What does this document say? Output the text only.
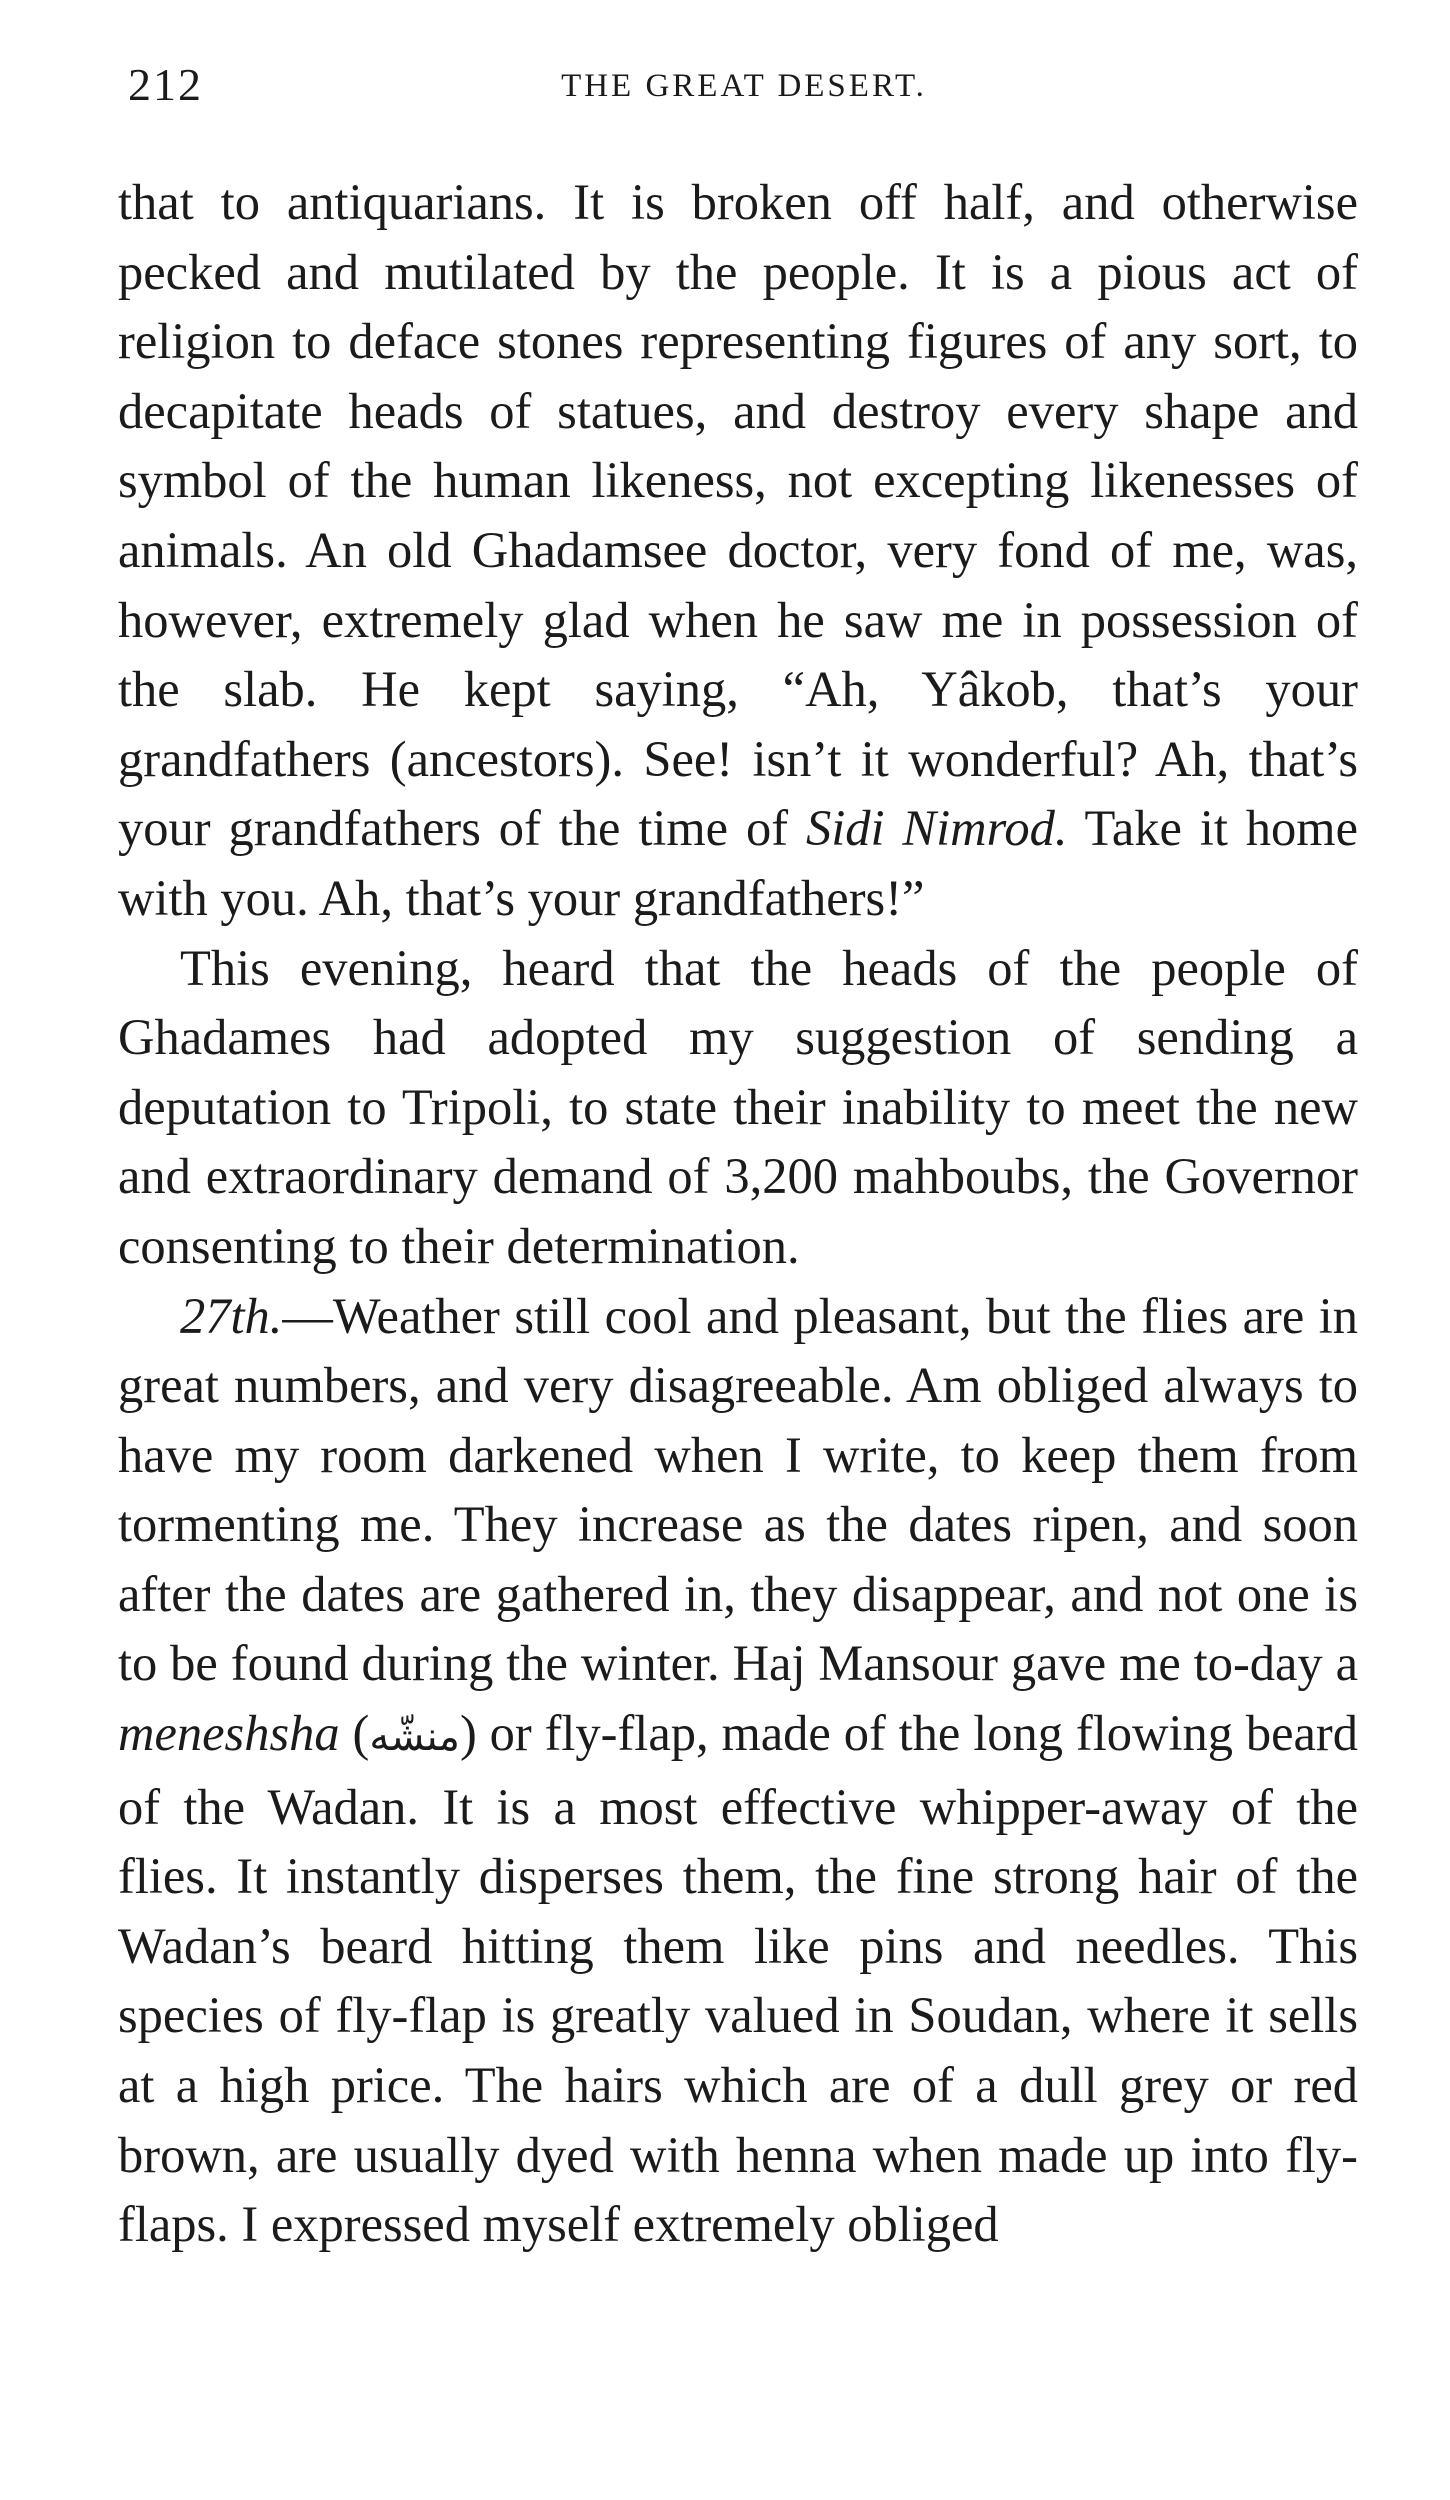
212	THE GREAT DESERT.

that to antiquarians. It is broken off half, and otherwise pecked and mutilated by the people. It is a pious act of religion to deface stones representing figures of any sort, to decapitate heads of statues, and destroy every shape and symbol of the human likeness, not excepting likenesses of animals. An old Ghadamsee doctor, very fond of me, was, however, extremely glad when he saw me in possession of the slab. He kept saying, “Ah, Yâkob, that’s your grandfathers (ancestors). See! isn’t it wonderful? Ah, that’s your grandfathers of the time of Sidi Nimrod. Take it home with you. Ah, that’s your grandfathers!”

This evening, heard that the heads of the people of Ghadames had adopted my suggestion of sending a deputation to Tripoli, to state their inability to meet the new and extraordinary demand of 3,200 mahboubs, the Governor consenting to their determination.

27th.—Weather still cool and pleasant, but the flies are in great numbers, and very disagreeable. Am obliged always to have my room darkened when I write, to keep them from tormenting me. They increase as the dates ripen, and soon after the dates are gathered in, they disappear, and not one is to be found during the winter. Haj Mansour gave me to-day a meneshsha (منشّه) or fly-flap, made of the long flowing beard of the Wadan. It is a most effective whipper-away of the flies. It instantly disperses them, the fine strong hair of the Wadan’s beard hitting them like pins and needles. This species of fly-flap is greatly valued in Soudan, where it sells at a high price. The hairs which are of a dull grey or red brown, are usually dyed with henna when made up into fly-flaps. I expressed myself extremely obliged
